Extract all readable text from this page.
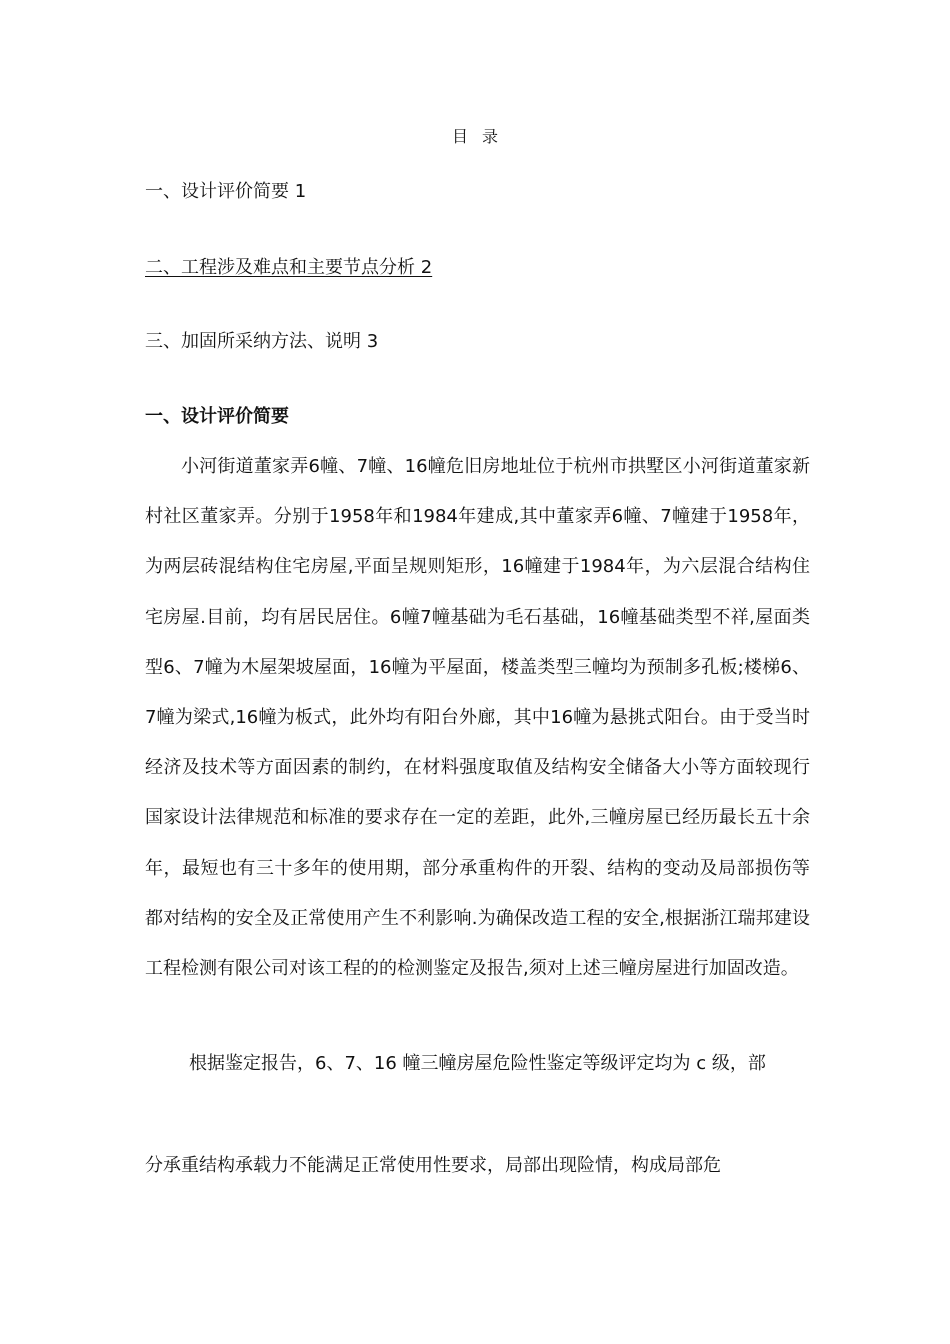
目录
一、设计评价简要 1
二、工程涉及难点和主要节点分析 2
三、加固所采纳方法、说明 3
一、设计评价简要

小河街道董家弄6幢、7幢、16幢危旧房地址位于杭州市拱墅区小河街道董家新村社区董家弄。分别于1958年和1984年建成,其中董家弄6幢、7幢建于1958年，为两层砖混结构住宅房屋,平面呈规则矩形，16幢建于1984年，为六层混合结构住宅房屋.目前，均有居民居住。6幢7幢基础为毛石基础，16幢基础类型不祥,屋面类型6、7幢为木屋架坡屋面，16幢为平屋面，楼盖类型三幢均为预制多孔板;楼梯6、7幢为梁式,16幢为板式，此外均有阳台外廊，其中16幢为悬挑式阳台。由于受当时经济及技术等方面因素的制约，在材料强度取值及结构安全储备大小等方面较现行国家设计法律规范和标准的要求存在一定的差距，此外,三幢房屋已经历最长五十余年，最短也有三十多年的使用期，部分承重构件的开裂、结构的变动及局部损伤等都对结构的安全及正常使用产生不利影响.为确保改造工程的安全,根据浙江瑞邦建设工程检测有限公司对该工程的的检测鉴定及报告,须对上述三幢房屋进行加固改造。

根据鉴定报告，6、7、16 幢三幢房屋危险性鉴定等级评定均为 c 级，部
分承重结构承载力不能满足正常使用性要求，局部出现险情，构成局部危
